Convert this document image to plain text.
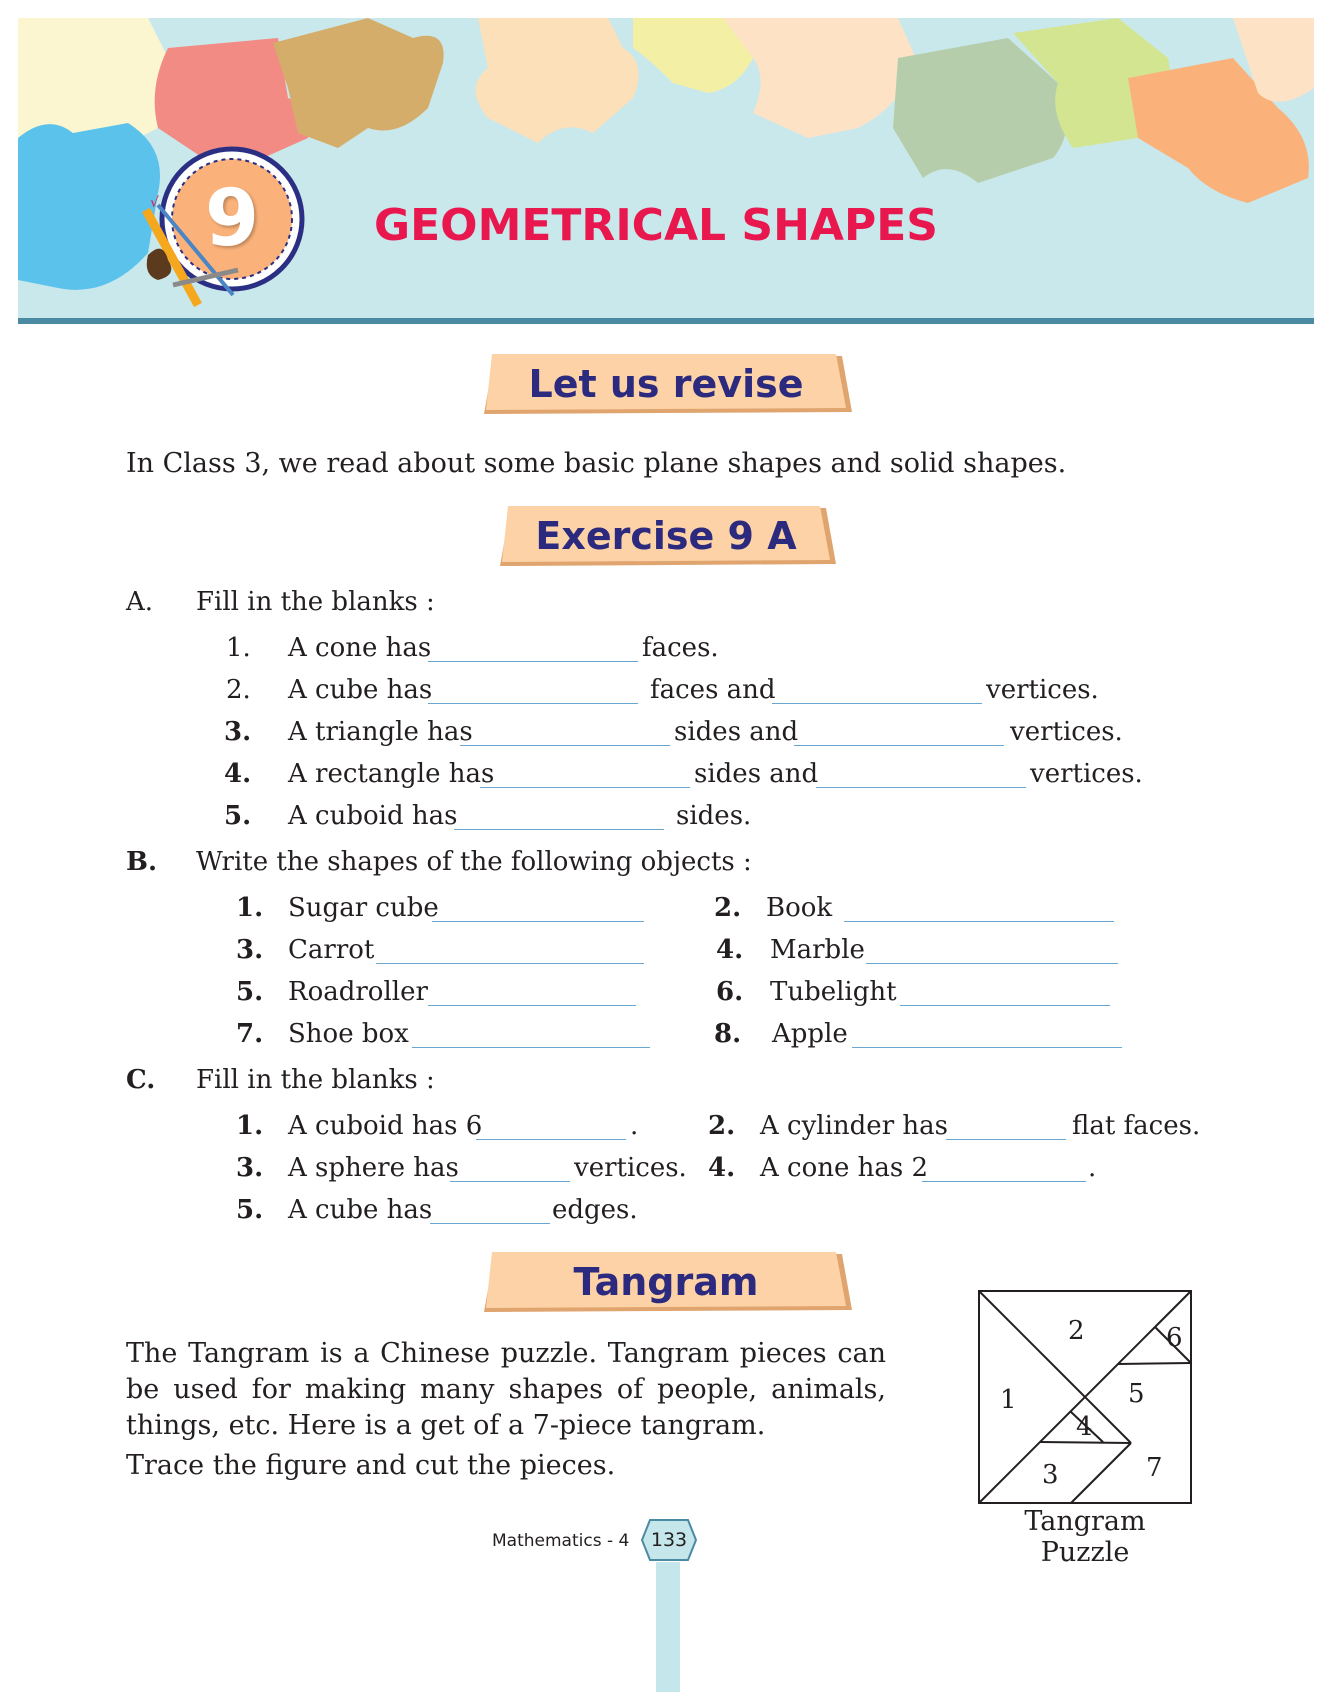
9
√	GEOMETRICAL SHAPES
Let us revise
In Class 3, we read about some basic plane shapes and solid shapes.
Exercise 9 A
A. Fill in the blanks :
1. A cone has	faces.
2. A cube has	faces and	vertices.
3. A triangle has	sides and	vertices.
4. A rectangle has	sides and	vertices.
5. A cuboid has	sides.
B. Write the shapes of the following objects :
1. Sugar cube	2. Book
3. Carrot	4. Marble
5. Roadroller	6. Tubelight
7. Shoe box	8. Apple
C. Fill in the blanks :
1. A cuboid has 6	.	2. A cylinder has	flat faces.
3. A sphere has	vertices. 4. A cone has 2	.
5. A cube has	edges.
Tangram
The Tangram is a Chinese puzzle. Tangram pieces can be used for making many shapes of people, animals, things, etc. Here is a get of a 7-piece tangram.
Trace the figure and cut the pieces.
1
2
3
4
5
6
7
Tangram Puzzle
Mathematics - 4	133
